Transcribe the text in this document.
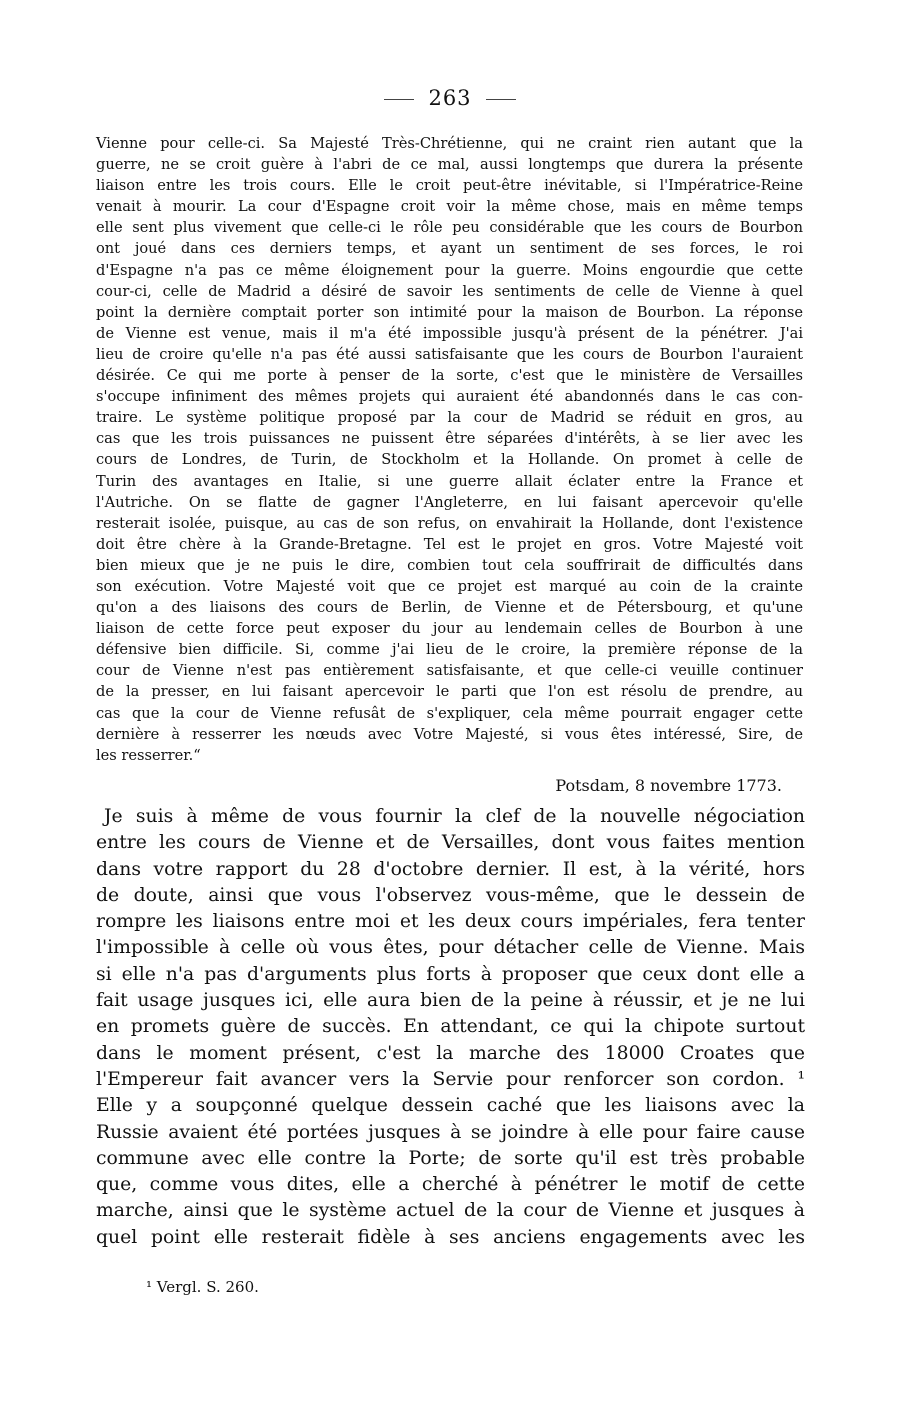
263
Vienne pour celle-ci. Sa Majesté Très-Chrétienne, qui ne craint rien autant que la
guerre, ne se croit guère à l'abri de ce mal, aussi longtemps que durera la présente
liaison entre les trois cours. Elle le croit peut-être inévitable, si l'Impératrice-Reine
venait à mourir. La cour d'Espagne croit voir la même chose, mais en même temps
elle sent plus vivement que celle-ci le rôle peu considérable que les cours de Bourbon
ont joué dans ces derniers temps, et ayant un sentiment de ses forces, le roi
d'Espagne n'a pas ce même éloignement pour la guerre. Moins engourdie que cette
cour-ci, celle de Madrid a désiré de savoir les sentiments de celle de Vienne à quel
point la dernière comptait porter son intimité pour la maison de Bourbon. La réponse
de Vienne est venue, mais il m'a été impossible jusqu'à présent de la pénétrer. J'ai
lieu de croire qu'elle n'a pas été aussi satisfaisante que les cours de Bourbon l'auraient
désirée. Ce qui me porte à penser de la sorte, c'est que le ministère de Versailles
s'occupe infiniment des mêmes projets qui auraient été abandonnés dans le cas con-
traire. Le système politique proposé par la cour de Madrid se réduit en gros, au
cas que les trois puissances ne puissent être séparées d'intérêts, à se lier avec les
cours de Londres, de Turin, de Stockholm et la Hollande. On promet à celle de
Turin des avantages en Italie, si une guerre allait éclater entre la France et
l'Autriche. On se flatte de gagner l'Angleterre, en lui faisant apercevoir qu'elle
resterait isolée, puisque, au cas de son refus, on envahirait la Hollande, dont l'existence
doit être chère à la Grande-Bretagne. Tel est le projet en gros. Votre Majesté voit
bien mieux que je ne puis le dire, combien tout cela souffrirait de difficultés dans
son exécution. Votre Majesté voit que ce projet est marqué au coin de la crainte
qu'on a des liaisons des cours de Berlin, de Vienne et de Pétersbourg, et qu'une
liaison de cette force peut exposer du jour au lendemain celles de Bourbon à une
défensive bien difficile. Si, comme j'ai lieu de le croire, la première réponse de la
cour de Vienne n'est pas entièrement satisfaisante, et que celle-ci veuille continuer
de la presser, en lui faisant apercevoir le parti que l'on est résolu de prendre, au
cas que la cour de Vienne refusât de s'expliquer, cela même pourrait engager cette
dernière à resserrer les nœuds avec Votre Majesté, si vous êtes intéressé, Sire, de
les resserrer.“
Potsdam, 8 novembre 1773.
Je suis à même de vous fournir la clef de la nouvelle négociation
entre les cours de Vienne et de Versailles, dont vous faites mention
dans votre rapport du 28 d'octobre dernier. Il est, à la vérité, hors
de doute, ainsi que vous l'observez vous-même, que le dessein de
rompre les liaisons entre moi et les deux cours impériales, fera tenter
l'impossible à celle où vous êtes, pour détacher celle de Vienne. Mais
si elle n'a pas d'arguments plus forts à proposer que ceux dont elle a
fait usage jusques ici, elle aura bien de la peine à réussir, et je ne lui
en promets guère de succès. En attendant, ce qui la chipote surtout
dans le moment présent, c'est la marche des 18000 Croates que
l'Empereur fait avancer vers la Servie pour renforcer son cordon. ¹
Elle y a soupçonné quelque dessein caché que les liaisons avec la
Russie avaient été portées jusques à se joindre à elle pour faire cause
commune avec elle contre la Porte; de sorte qu'il est très probable
que, comme vous dites, elle a cherché à pénétrer le motif de cette
marche, ainsi que le système actuel de la cour de Vienne et jusques à
quel point elle resterait fidèle à ses anciens engagements avec les
¹ Vergl. S. 260.
